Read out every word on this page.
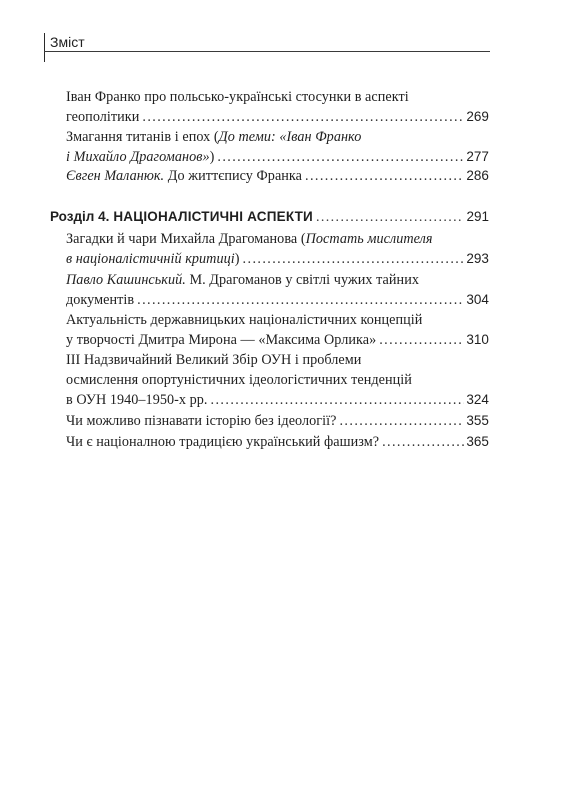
Зміст
Іван Франко про польсько-українські стосунки в аспекті
геополітики .....	269
Змагання титанів і епох (До теми: «Іван Франко
і Михайло Драгоманов») .....	277
Євген Маланюк. До життєпису Франка .....	286
Розділ 4. НАЦІОНАЛІСТИЧНІ АСПЕКТИ .....	291
Загадки й чари Михайла Драгоманова (Постать мислителя
в націоналістичній критиці) .....	293
Павло Кашинський. М. Драгоманов у світлі чужих тайних
документів .....	304
Актуальність державницьких націоналістичних концепцій
у творчості Дмитра Мирона — «Максима Орлика» .....	310
ІІІ Надзвичайний Великий Збір ОУН і проблеми
осмислення опортуністичних ідеологістичних тенденцій
в ОУН 1940–1950-х рр. .....	324
Чи можливо пізнавати історію без ідеології? .....	355
Чи є націоналною традицією український фашизм? .....	365
